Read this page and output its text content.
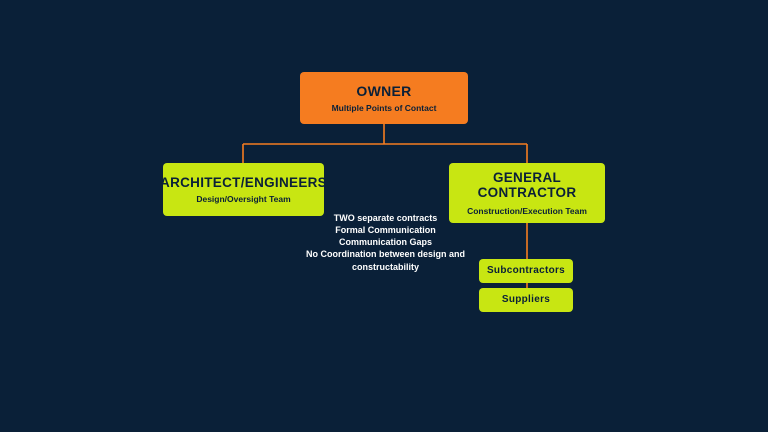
OWNER
Multiple Points of Contact
ARCHITECT/ENGINEERS
Design/Oversight Team
GENERAL
CONTRACTOR
Construction/Execution Team
Subcontractors
Suppliers
TWO separate contracts
Formal Communication
Communication Gaps
No Coordination between design and
constructability
